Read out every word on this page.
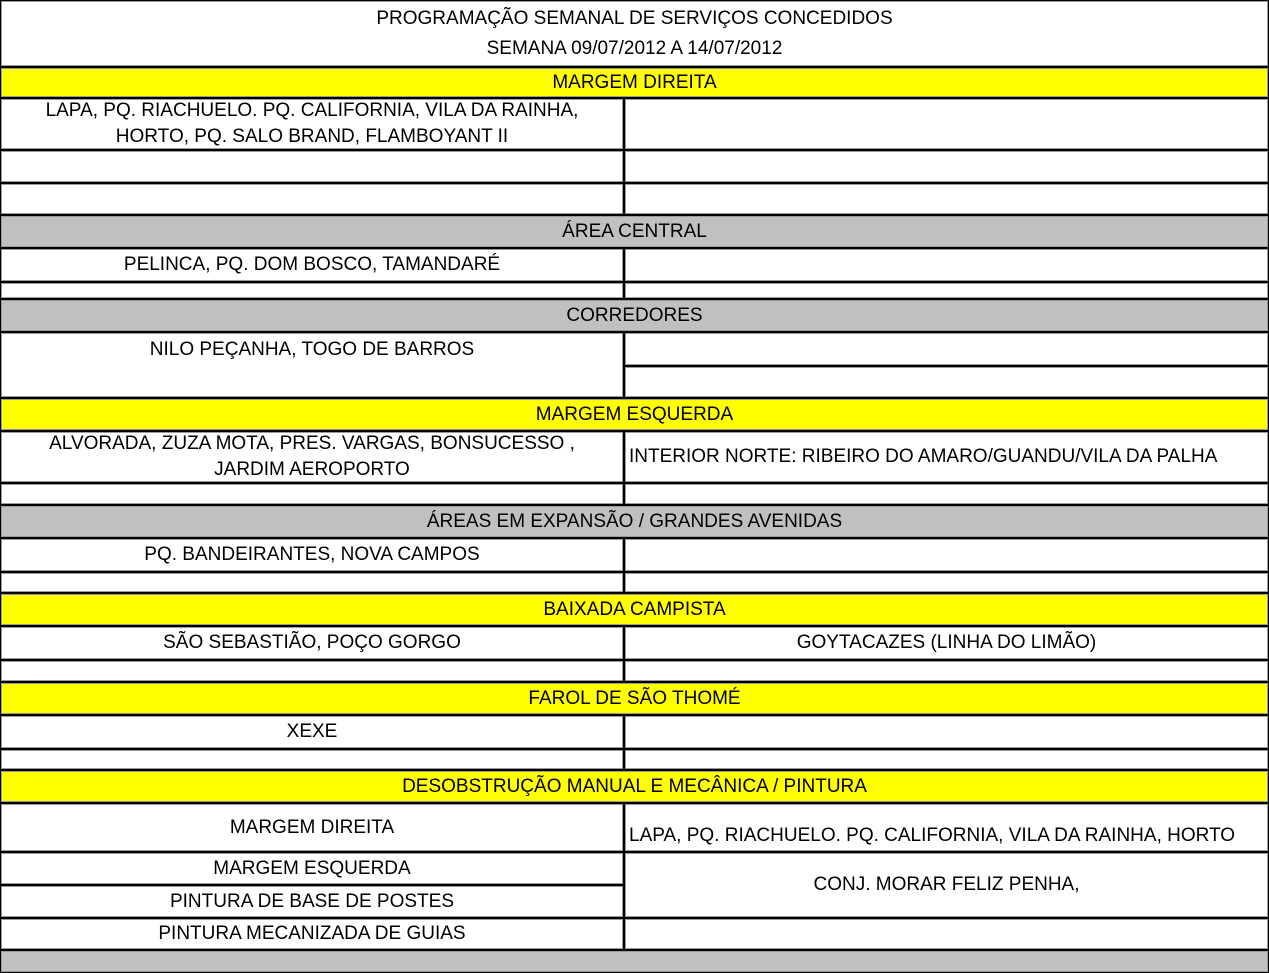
PROGRAMAÇÃO SEMANAL DE SERVIÇOS CONCEDIDOS
SEMANA 09/07/2012 A 14/07/2012
MARGEM DIREITA
LAPA, PQ. RIACHUELO. PQ. CALIFORNIA, VILA DA RAINHA,
HORTO, PQ. SALO BRAND, FLAMBOYANT II
ÁREA CENTRAL
PELINCA, PQ. DOM BOSCO, TAMANDARÉ
CORREDORES
NILO PEÇANHA, TOGO DE BARROS
MARGEM ESQUERDA
ALVORADA, ZUZA MOTA, PRES. VARGAS, BONSUCESSO ,
JARDIM AEROPORTO
INTERIOR NORTE: RIBEIRO DO AMARO/GUANDU/VILA DA PALHA
ÁREAS EM EXPANSÃO / GRANDES AVENIDAS
PQ. BANDEIRANTES, NOVA CAMPOS
BAIXADA CAMPISTA
SÃO SEBASTIÃO, POÇO GORGO	GOYTACAZES (LINHA DO LIMÃO)
FAROL DE SÃO THOMÉ
XEXE
DESOBSTRUÇÃO MANUAL E MECÂNICA / PINTURA
MARGEM DIREITA	LAPA, PQ. RIACHUELO. PQ. CALIFORNIA, VILA DA RAINHA, HORTO
MARGEM ESQUERDA
PINTURA DE BASE DE POSTES
CONJ. MORAR FELIZ PENHA,
PINTURA MECANIZADA DE GUIAS
